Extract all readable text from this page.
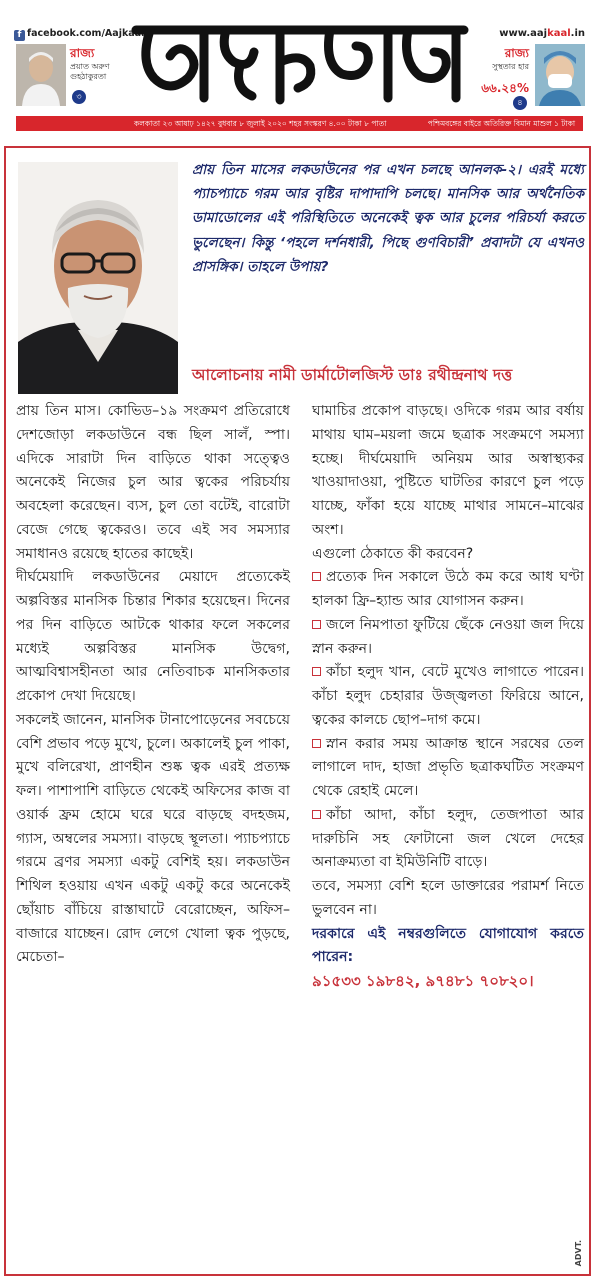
f facebook.com/Aajkaal	www.aajkaal.in
রাজ্য
প্রয়াত অরুণ
গুহঠাকুরতা
৩
রাজ্য
সুস্থতার হার
৬৬.২৪%
৪
কলকাতা ২৩ আষাঢ় ১৪২৭ বুধবার ৮ জুলাই ২০২০ শহর সংস্করণ ৪.০০ টাকা ৮ পাতা	পশ্চিমবঙ্গের বাইরে অতিরিক্ত বিমান মাশুল ১ টাকা

প্রায় তিন মাসের লকডাউনের পর এখন চলছে আনলক-২। এরই মধ্যে প্যাচপ্যাচে গরম আর বৃষ্টির দাপাদাপি চলছে। মানসিক আর অর্থনৈতিক ডামাডোলের এই পরিস্থিতিতে অনেকেই ত্বক আর চুলের পরিচর্যা করতে ভুলেছেন। কিন্তু ‘পহলে দর্শনধারী, পিছে গুণবিচারী’ প্রবাদটা যে এখনও প্রাসঙ্গিক। তাহলে উপায়?

আলোচনায় নামী ডার্মাটোলজিস্ট ডাঃ রথীন্দ্রনাথ দত্ত

প্রায় তিন মাস। কোভিড–১৯ সংক্রমণ প্রতিরোধে দেশজোড়া লকডাউনে বন্ধ ছিল সালঁ, স্পা। এদিকে সারাটা দিন বাড়িতে থাকা সত্ত্বেও অনেকেই নিজের চুল আর ত্বকের পরিচর্যায় অবহেলা করেছেন। ব্যস, চুল তো বটেই, বারোটা বেজে গেছে ত্বকেরও। তবে এই সব সমস্যার সমাধানও রয়েছে হাতের কাছেই।

দীর্ঘমেয়াদি লকডাউনের মেয়াদে প্রত্যেকেই অল্পবিস্তর মানসিক চিন্তার শিকার হয়েছেন। দিনের পর দিন বাড়িতে আটকে থাকার ফলে সকলের মধ্যেই অল্পবিস্তর মানসিক উদ্বেগ, আত্মবিশ্বাসহীনতা আর নেতিবাচক মানসিকতার প্রকোপ দেখা দিয়েছে।

সকলেই জানেন, মানসিক টানাপোড়েনের সবচেয়ে বেশি প্রভাব পড়ে মুখে, চুলে। অকালেই চুল পাকা, মুখে বলিরেখা, প্রাণহীন শুষ্ক ত্বক এরই প্রত্যক্ষ ফল। পাশাপাশি বাড়িতে থেকেই অফিসের কাজ বা ওয়ার্ক ফ্রম হোমে ঘরে ঘরে বাড়ছে বদহজম, গ্যাস, অম্বলের সমস্যা। বাড়ছে স্থূলতা। প্যাচপ্যাচে গরমে ব্রণর সমস্যা একটু বেশিই হয়। লকডাউন শিথিল হওয়ায় এখন একটু একটু করে অনেকেই ছোঁয়াচ বাঁচিয়ে রাস্তাঘাটে বেরোচ্ছেন, অফিস–বাজারে যাচ্ছেন। রোদ লেগে খোলা ত্বক পুড়ছে, মেচেতা–

ঘামাচির প্রকোপ বাড়ছে। ওদিকে গরম আর বর্ষায় মাথায় ঘাম–ময়লা জমে ছত্রাক সংক্রমণে সমস্যা হচ্ছে। দীর্ঘমেয়াদি অনিয়ম আর অস্বাস্থ্যকর খাওয়াদাওয়া, পুষ্টিতে ঘাটতির কারণে চুল পড়ে যাচ্ছে, ফাঁকা হয়ে যাচ্ছে মাথার সামনে–মাঝের অংশ।

এগুলো ঠেকাতে কী করবেন?

প্রত্যেক দিন সকালে উঠে কম করে আধ ঘণ্টা হালকা ফ্রি–হ্যান্ড আর যোগাসন করুন।

জলে নিমপাতা ফুটিয়ে ছেঁকে নেওয়া জল দিয়ে স্নান করুন।

কাঁচা হলুদ খান, বেটে মুখেও লাগাতে পারেন। কাঁচা হলুদ চেহারার উজ্জ্বলতা ফিরিয়ে আনে, ত্বকের কালচে ছোপ–দাগ কমে।

স্নান করার সময় আক্রান্ত স্থানে সরষের তেল লাগালে দাদ, হাজা প্রভৃতি ছত্রাকঘটিত সংক্রমণ থেকে রেহাই মেলে।

কাঁচা আদা, কাঁচা হলুদ, তেজপাতা আর দারুচিনি সহ ফোটানো জল খেলে দেহের অনাক্রম্যতা বা ইমিউনিটি বাড়ে।

তবে, সমস্যা বেশি হলে ডাক্তারের পরামর্শ নিতে ভুলবেন না।

দরকারে এই নম্বরগুলিতে যোগাযোগ করতে পারেন:

৯১৫৩৩ ১৯৮৪২, ৯৭৪৮১ ৭০৮২০।

ADVT.
